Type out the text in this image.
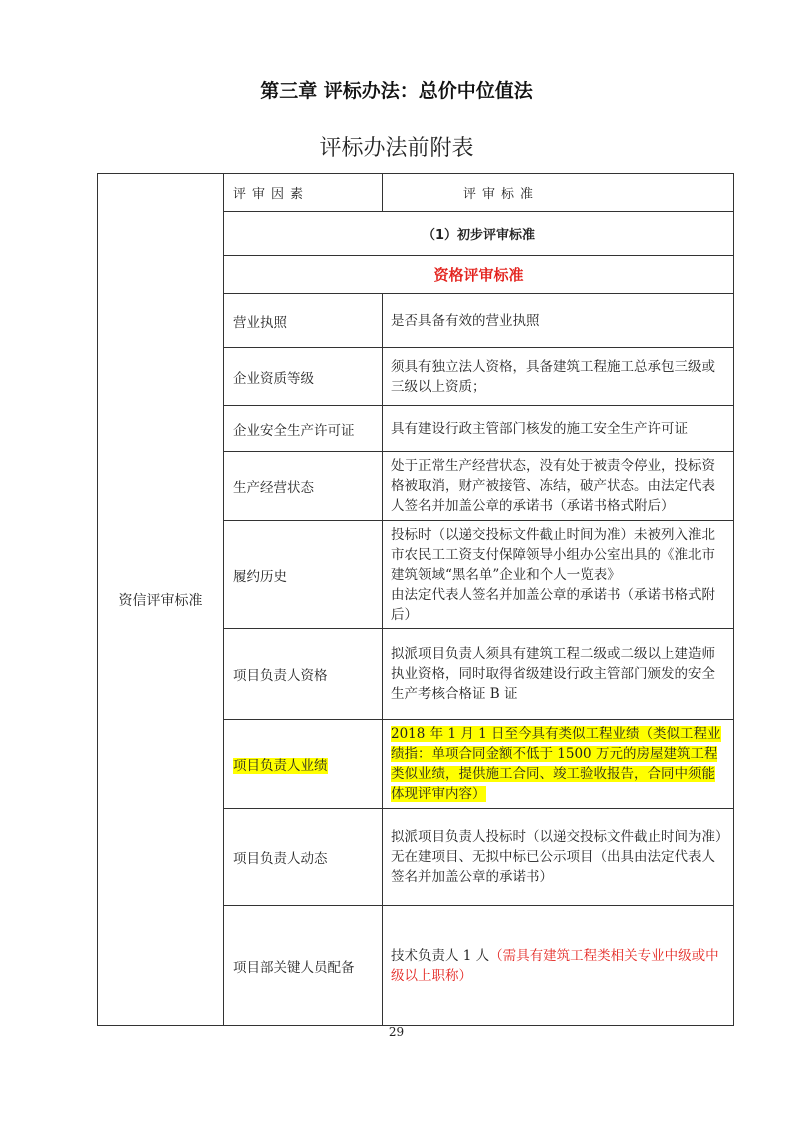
第三章 评标办法：总价中位值法
评标办法前附表
资信评审标准	评审因素	评审标准
	（1）初步评审标准	
	资格评审标准	
	营业执照	是否具备有效的营业执照
	企业资质等级	须具有独立法人资格，具备建筑工程施工总承包三级或三级以上资质；
	企业安全生产许可证	具有建设行政主管部门核发的施工安全生产许可证
	生产经营状态	处于正常生产经营状态，没有处于被责令停业，投标资格被取消，财产被接管、冻结，破产状态。由法定代表人签名并加盖公章的承诺书（承诺书格式附后）
	履约历史	投标时（以递交投标文件截止时间为准）未被列入淮北市农民工工资支付保障领导小组办公室出具的《淮北市建筑领域“黑名单”企业和个人一览表》
由法定代表人签名并加盖公章的承诺书（承诺书格式附后）

	项目负责人资格	拟派项目负责人须具有建筑工程二级或二级以上建造师执业资格，同时取得省级建设行政主管部门颁发的安全生产考核合格证 B 证
	项目负责人业绩	2018 年 1 月 1 日至今具有类似工程业绩（类似工程业绩指：单项合同金额不低于 1500 万元的房屋建筑工程类似业绩，提供施工合同、竣工验收报告，合同中须能体现评审内容）
	项目负责人动态	拟派项目负责人投标时（以递交投标文件截止时间为准）无在建项目、无拟中标已公示项目（出具由法定代表人签名并加盖公章的承诺书）
	项目部关键人员配备	技术负责人 1 人（需具有建筑工程类相关专业中级或中级以上职称）
29
